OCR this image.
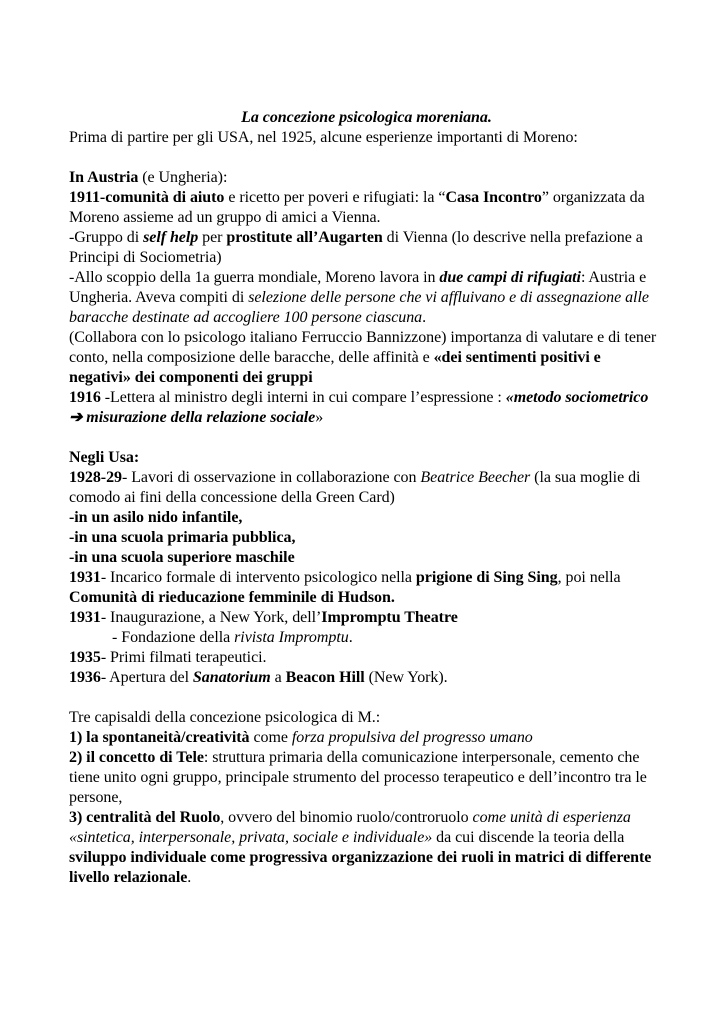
La concezione psicologica moreniana.

Prima di partire per gli USA, nel 1925, alcune esperienze importanti di Moreno:

In Austria (e Ungheria):

1911-comunità di aiuto e ricetto per poveri e rifugiati: la “Casa Incontro” organizzata da Moreno assieme ad un gruppo di amici a Vienna.

-Gruppo di self help per prostitute all’Augarten di Vienna (lo descrive nella prefazione a Principi di Sociometria)

-Allo scoppio della 1a guerra mondiale, Moreno lavora in due campi di rifugiati: Austria e Ungheria. Aveva compiti di selezione delle persone che vi affluivano e di assegnazione alle baracche destinate ad accogliere 100 persone ciascuna.

(Collabora con lo psicologo italiano Ferruccio Bannizzone) importanza di valutare e di tener conto, nella composizione delle baracche, delle affinità e «dei sentimenti positivi e negativi» dei componenti dei gruppi

1916 -Lettera al ministro degli interni in cui compare l’espressione : «metodo sociometrico ➔ misurazione della relazione sociale»

Negli Usa:

1928-29- Lavori di osservazione in collaborazione con Beatrice Beecher (la sua moglie di comodo ai fini della concessione della Green Card)

-in un asilo nido infantile,

-in una scuola primaria pubblica,

-in una scuola superiore maschile

1931- Incarico formale di intervento psicologico nella prigione di Sing Sing, poi nella Comunità di rieducazione femminile di Hudson.

1931- Inaugurazione, a New York, dell’Impromptu Theatre

- Fondazione della rivista Impromptu.

1935- Primi filmati terapeutici.

1936- Apertura del Sanatorium a Beacon Hill (New York).

Tre capisaldi della concezione psicologica di M.:

1) la spontaneità/creatività come forza propulsiva del progresso umano

2) il concetto di Tele: struttura primaria della comunicazione interpersonale, cemento che tiene unito ogni gruppo, principale strumento del processo terapeutico e dell’incontro tra le persone,

3) centralità del Ruolo, ovvero del binomio ruolo/controruolo come unità di esperienza «sintetica, interpersonale, privata, sociale e individuale» da cui discende la teoria della sviluppo individuale come progressiva organizzazione dei ruoli in matrici di differente livello relazionale.
